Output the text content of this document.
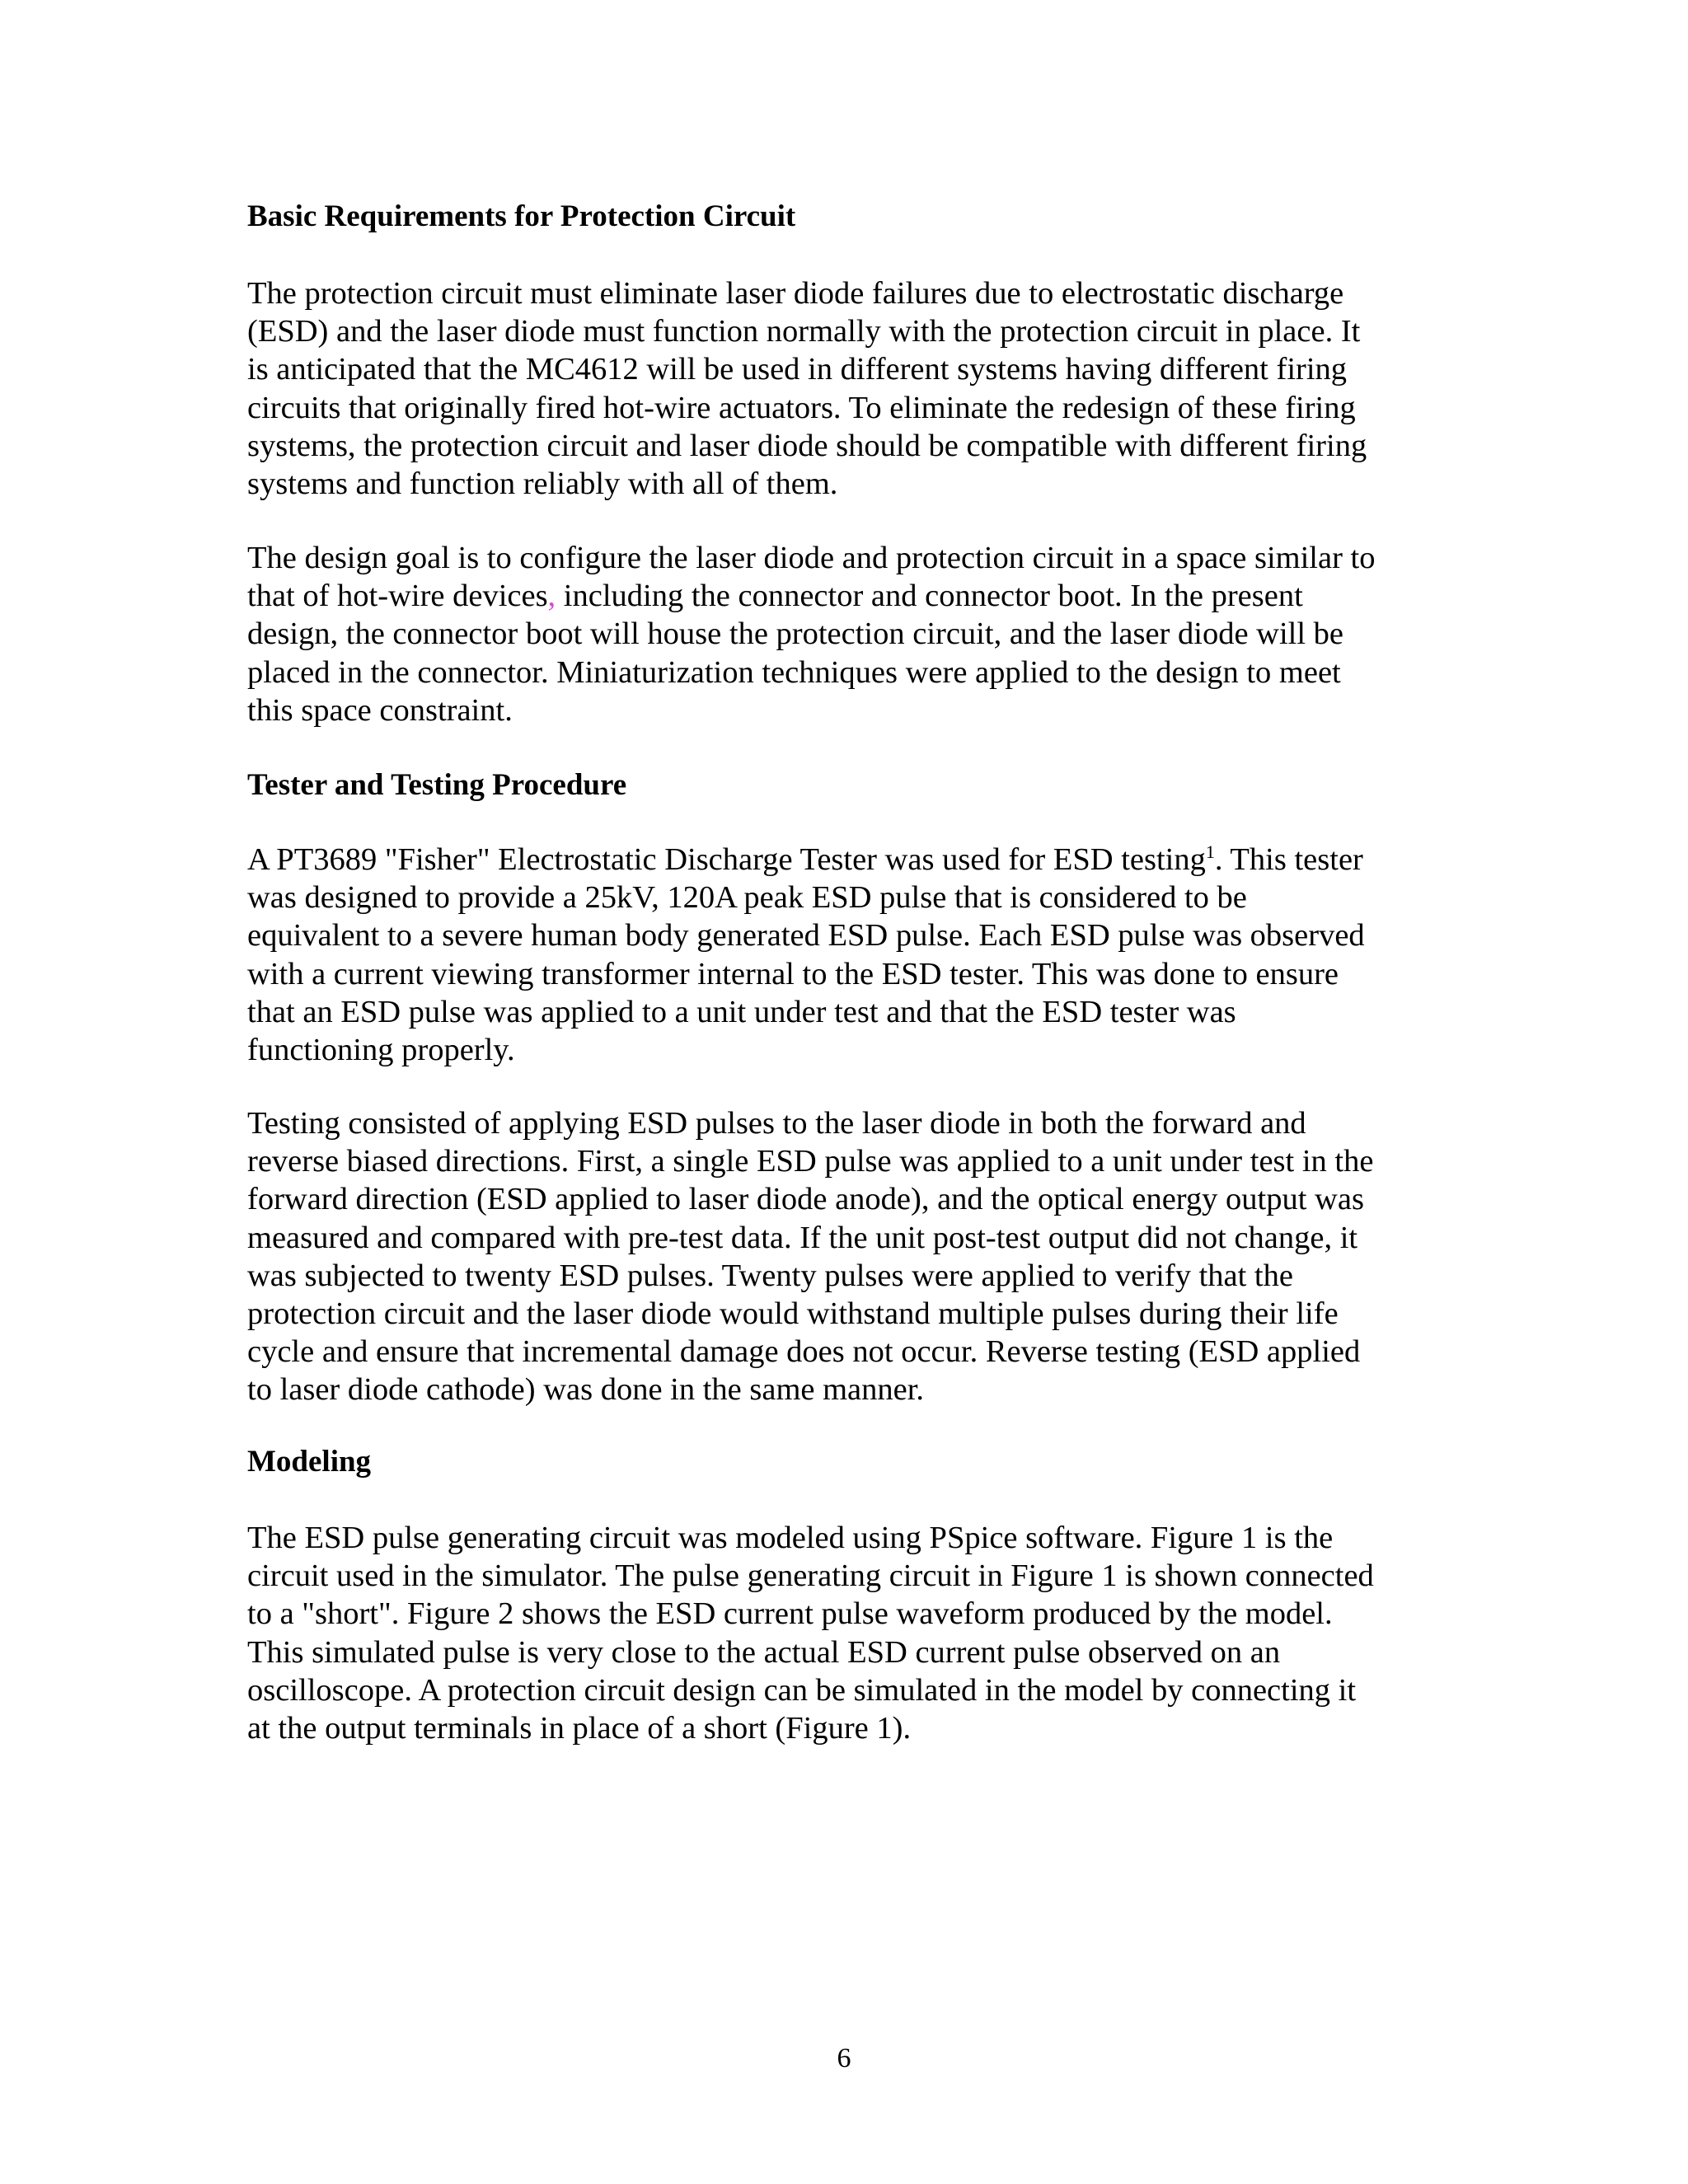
Basic Requirements for Protection Circuit

The protection circuit must eliminate laser diode failures due to electrostatic discharge
(ESD) and the laser diode must function normally with the protection circuit in place. It
is anticipated that the MC4612 will be used in different systems having different firing
circuits that originally fired hot-wire actuators. To eliminate the redesign of these firing
systems, the protection circuit and laser diode should be compatible with different firing
systems and function reliably with all of them.

The design goal is to configure the laser diode and protection circuit in a space similar to
that of hot-wire devices, including the connector and connector boot. In the present
design, the connector boot will house the protection circuit, and the laser diode will be
placed in the connector. Miniaturization techniques were applied to the design to meet
this space constraint.

Tester and Testing Procedure

A PT3689 "Fisher" Electrostatic Discharge Tester was used for ESD testing$^1$. This tester
was designed to provide a 25kV, 120A peak ESD pulse that is considered to be
equivalent to a severe human body generated ESD pulse. Each ESD pulse was observed
with a current viewing transformer internal to the ESD tester. This was done to ensure
that an ESD pulse was applied to a unit under test and that the ESD tester was
functioning properly.

Testing consisted of applying ESD pulses to the laser diode in both the forward and
reverse biased directions. First, a single ESD pulse was applied to a unit under test in the
forward direction (ESD applied to laser diode anode), and the optical energy output was
measured and compared with pre-test data. If the unit post-test output did not change, it
was subjected to twenty ESD pulses. Twenty pulses were applied to verify that the
protection circuit and the laser diode would withstand multiple pulses during their life
cycle and ensure that incremental damage does not occur. Reverse testing (ESD applied
to laser diode cathode) was done in the same manner.

Modeling

The ESD pulse generating circuit was modeled using PSpice software. Figure 1 is the
circuit used in the simulator. The pulse generating circuit in Figure 1 is shown connected
to a "short". Figure 2 shows the ESD current pulse waveform produced by the model.
This simulated pulse is very close to the actual ESD current pulse observed on an
oscilloscope. A protection circuit design can be simulated in the model by connecting it
at the output terminals in place of a short (Figure 1).

6
